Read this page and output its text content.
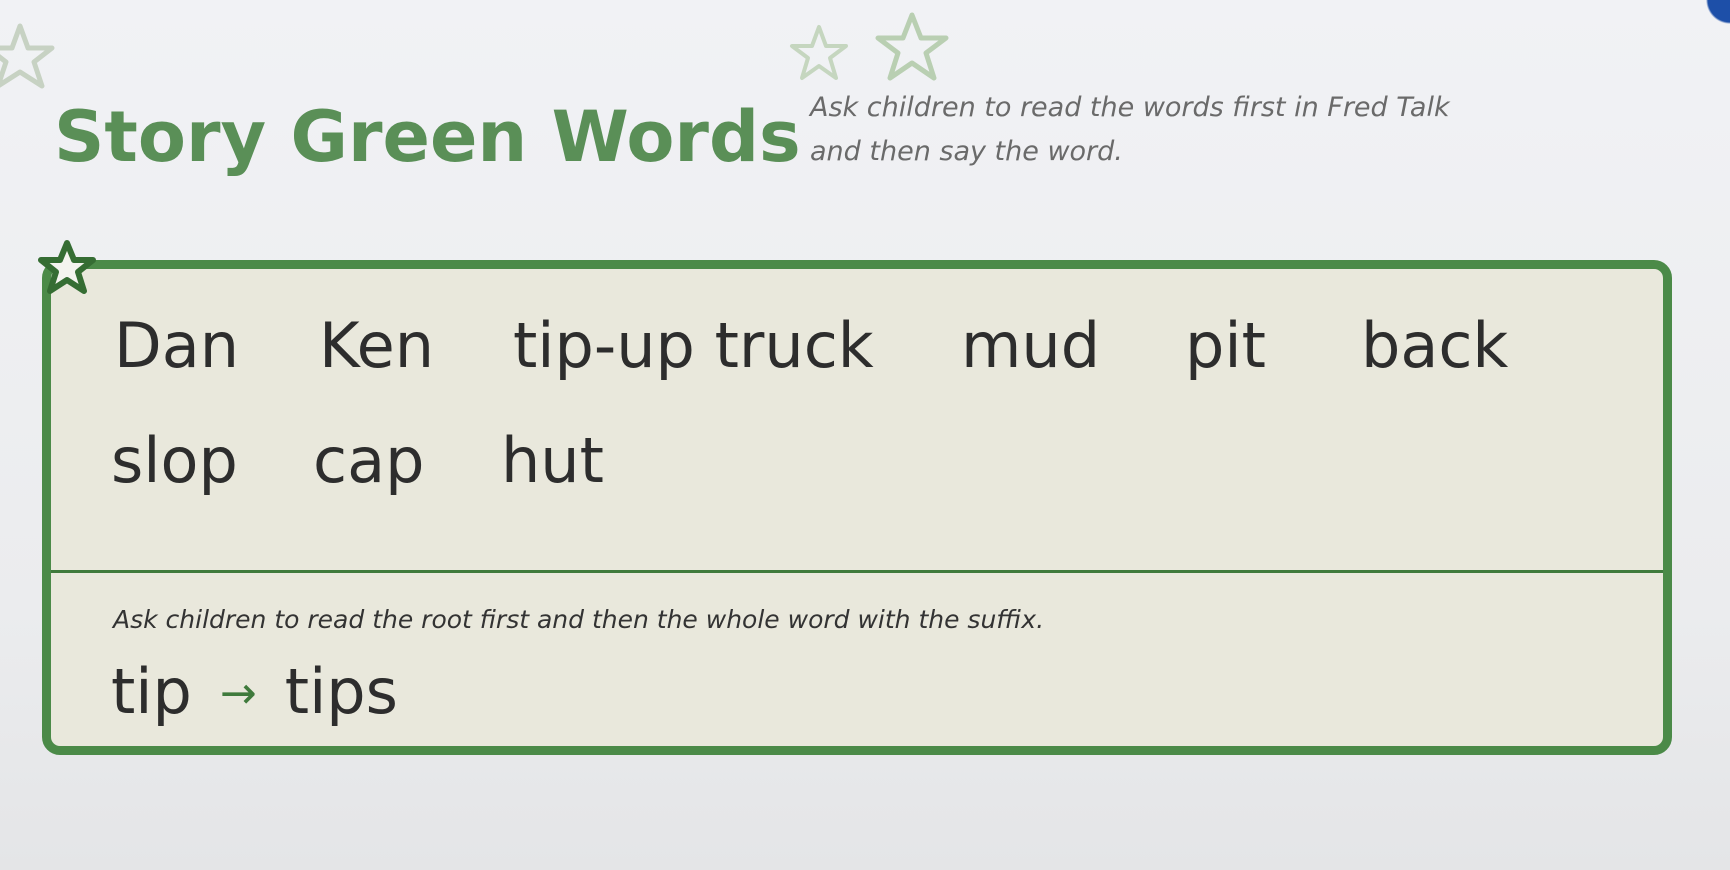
Story Green Words Ask children to read the words first in Fred Talk
and then say the word.

Dan Ken tip-up truck mud pit back
slop cap hut

Ask children to read the root first and then the whole word with the suffix.

tip → tips
